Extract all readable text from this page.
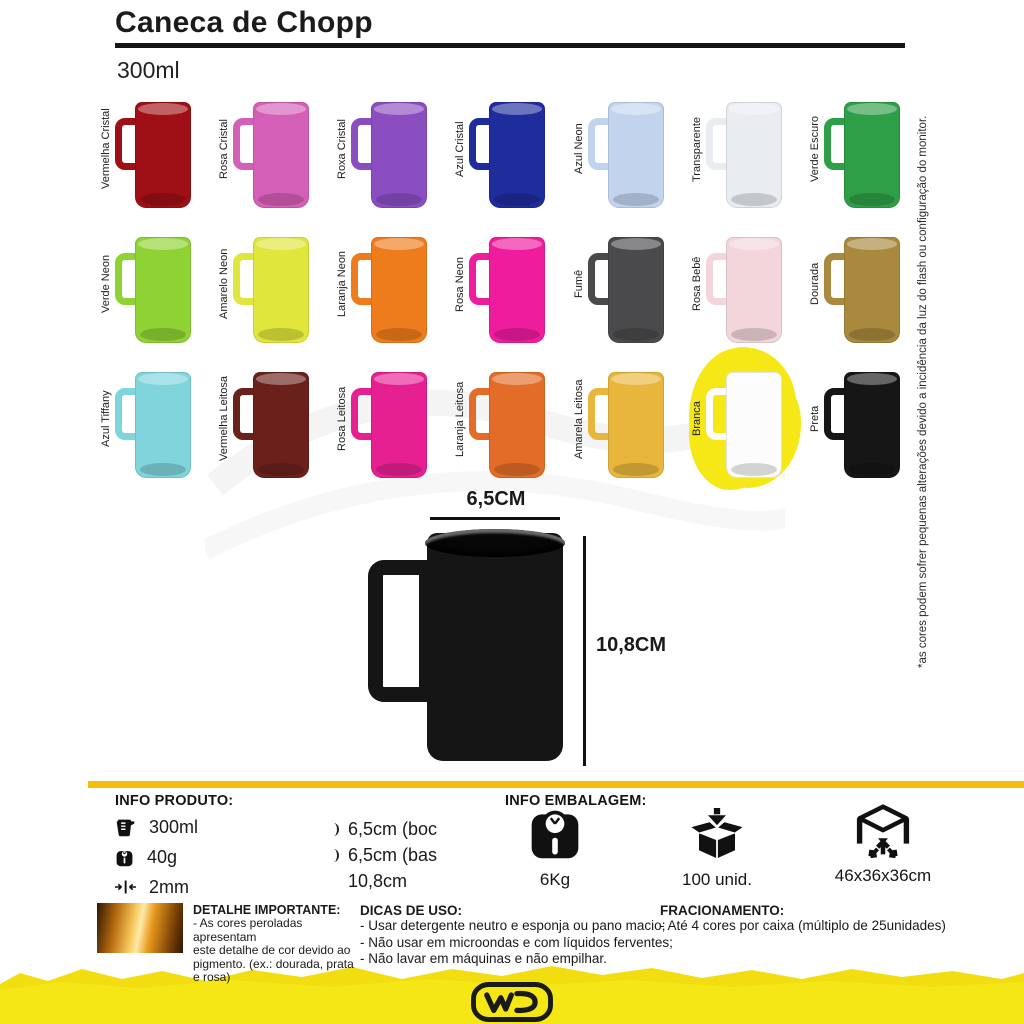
Caneca de Chopp
300ml
*as cores podem sofrer pequenas alterações devido a incidência da luz do flash ou configuração do monitor.
Vermelha Cristal	Rosa Cristal	Roxa Cristal	Azul Cristal	Azul Neon	Transparente	Verde Escuro
Verde Neon	Amarelo Neon	Laranja Neon	Rosa Neon	Fumê	Rosa Bebê	Dourada
Azul Tiffany	Vermelha Leitosa	Rosa Leitosa	Laranja Leitosa	Amarela Leitosa	Branca	Preta
6,5CM
10,8CM
INFO PRODUTO:
300ml
40g
2mm
6,5cm (boc
6,5cm (bas
10,8cm
INFO EMBALAGEM:
6Kg	100 unid.	46x36x36cm
DETALHE IMPORTANTE:
- As cores peroladas apresentam
este detalhe de cor devido ao
pigmento. (ex.: dourada, prata e rosa)
DICAS DE USO:
- Usar detergente neutro e esponja ou pano macio;
- Não usar em microondas e com líquidos ferventes;
- Não lavar em máquinas e não empilhar.
FRACIONAMENTO:
- Até 4 cores por caixa (múltiplo de 25unidades)
